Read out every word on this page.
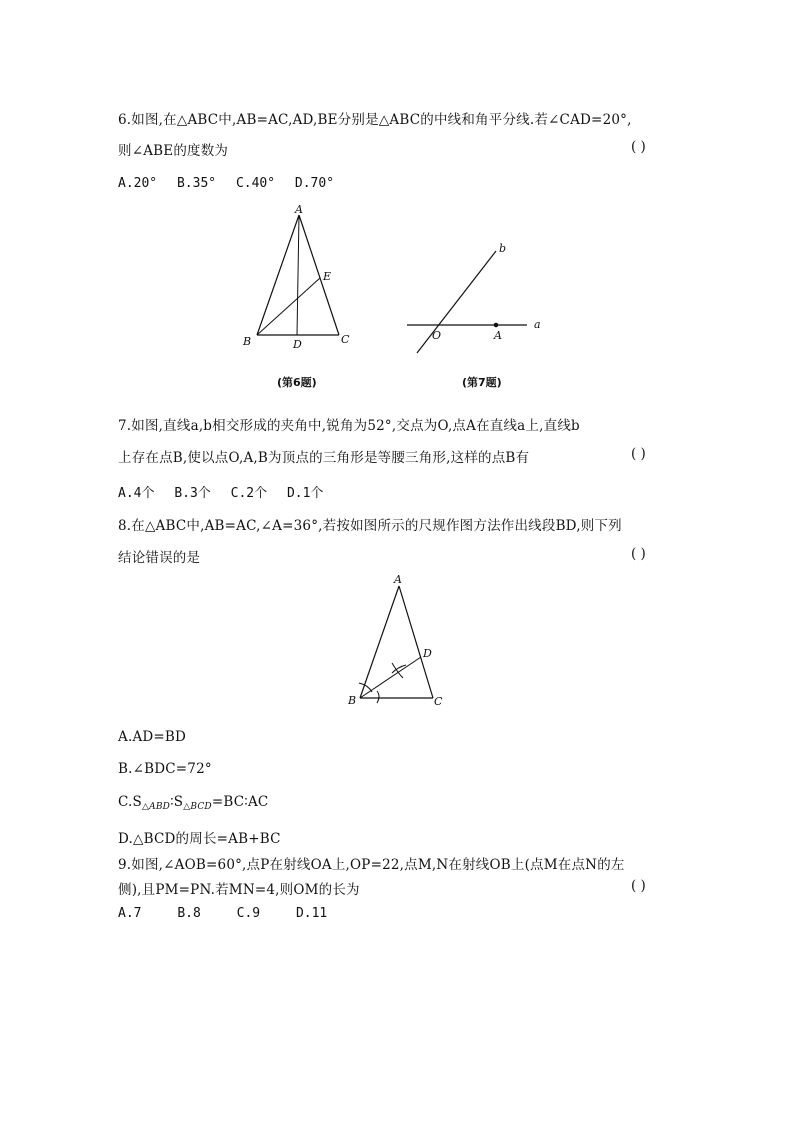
6.如图,在△ABC中,AB=AC,AD,BE分别是△ABC的中线和角平分线.若∠CAD=20°,
则∠ABE的度数为	( )
A.20° B.35° C.40° D.70°
A
B	C
D
E
(第6题)
b
a
O	A
(第7题)
7.如图,直线a,b相交形成的夹角中,锐角为52°,交点为O,点A在直线a上,直线b
上存在点B,使以点O,A,B为顶点的三角形是等腰三角形,这样的点B有	( )
A.4个 B.3个 C.2个 D.1个
8.在△ABC中,AB=AC,∠A=36°,若按如图所示的尺规作图方法作出线段BD,则下列
结论错误的是	( )
A
B	C
D
A.AD=BD
B.∠BDC=72°
$C.S_{\triangle ABD}∶S_{\triangle BCD}=BC∶AC$
D.△BCD的周长=AB+BC
9.如图,∠AOB=60°,点P在射线OA上,OP=22,点M,N在射线OB上(点M在点N的左
侧),且PM=PN.若MN=4,则OM的长为	( )
A.7	B.8	C.9	D.11
